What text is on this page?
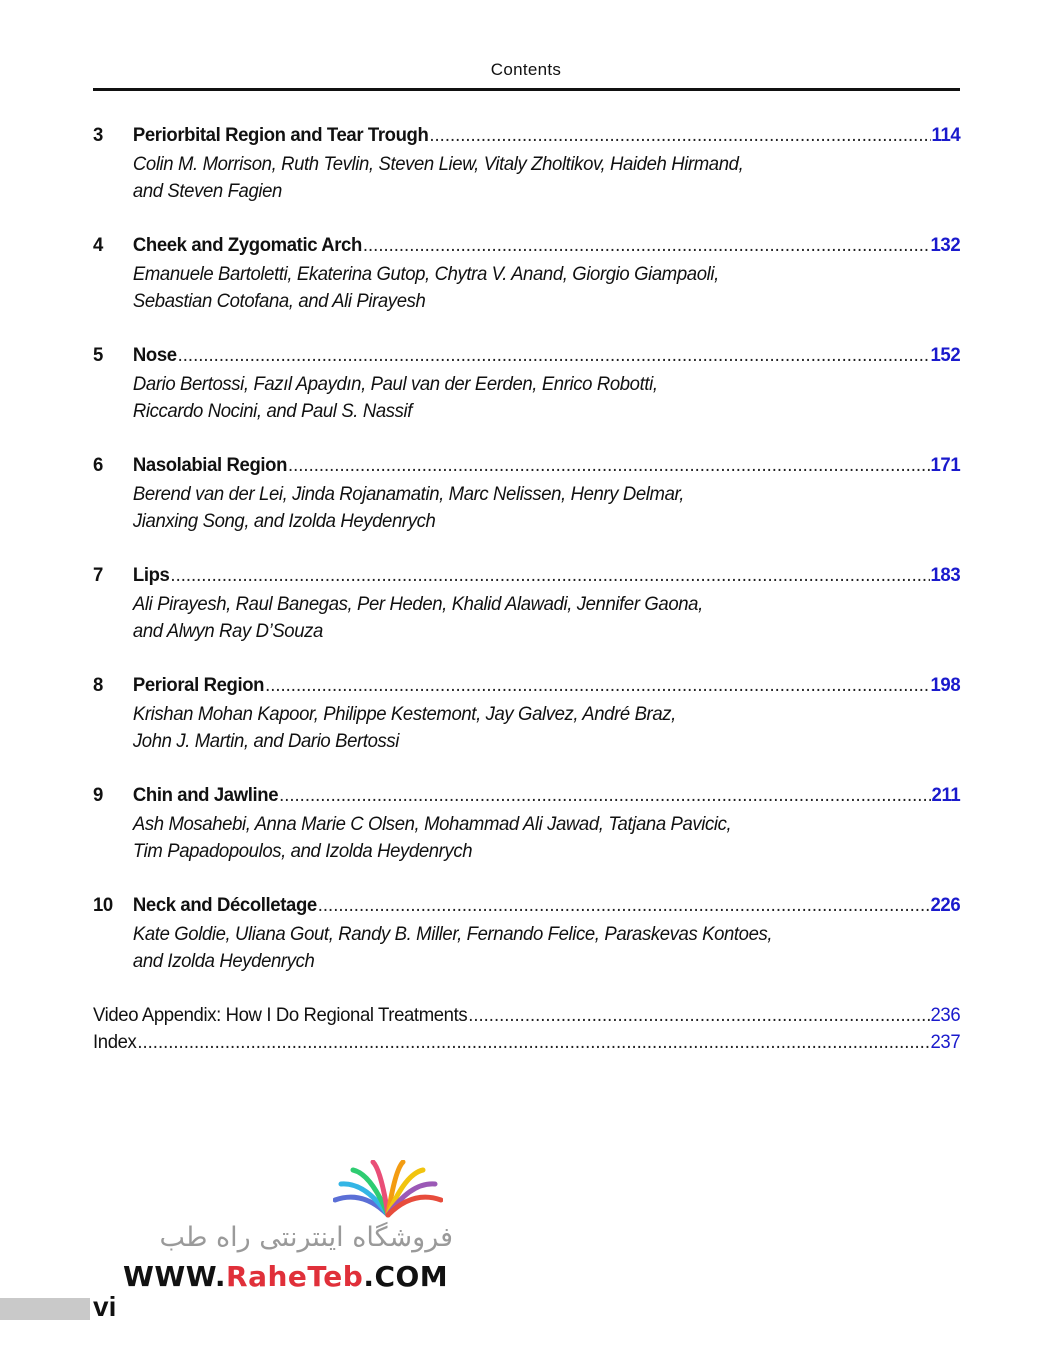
Contents
3	Periorbital Region and Tear Trough .....	114
Colin M. Morrison, Ruth Tevlin, Steven Liew, Vitaly Zholtikov, Haideh Hirmand,
and Steven Fagien
4	Cheek and Zygomatic Arch .....	132
Emanuele Bartoletti, Ekaterina Gutop, Chytra V. Anand, Giorgio Giampaoli,
Sebastian Cotofana, and Ali Pirayesh
5	Nose .....	152
Dario Bertossi, Fazıl Apaydın, Paul van der Eerden, Enrico Robotti,
Riccardo Nocini, and Paul S. Nassif
6	Nasolabial Region .....	171
Berend van der Lei, Jinda Rojanamatin, Marc Nelissen, Henry Delmar,
Jianxing Song, and Izolda Heydenrych
7	Lips .....	183
Ali Pirayesh, Raul Banegas, Per Heden, Khalid Alawadi, Jennifer Gaona,
and Alwyn Ray D’Souza
8	Perioral Region .....	198
Krishan Mohan Kapoor, Philippe Kestemont, Jay Galvez, André Braz,
John J. Martin, and Dario Bertossi
9	Chin and Jawline .....	211
Ash Mosahebi, Anna Marie C Olsen, Mohammad Ali Jawad, Tatjana Pavicic,
Tim Papadopoulos, and Izolda Heydenrych
10	Neck and Décolletage .....	226
Kate Goldie, Uliana Gout, Randy B. Miller, Fernando Felice, Paraskevas Kontoes,
and Izolda Heydenrych
Video Appendix: How I Do Regional Treatments .....	236
Index .....	237
فروشگاه اینترنتی راه طب
WWW.RaheTeb.COM
vi
